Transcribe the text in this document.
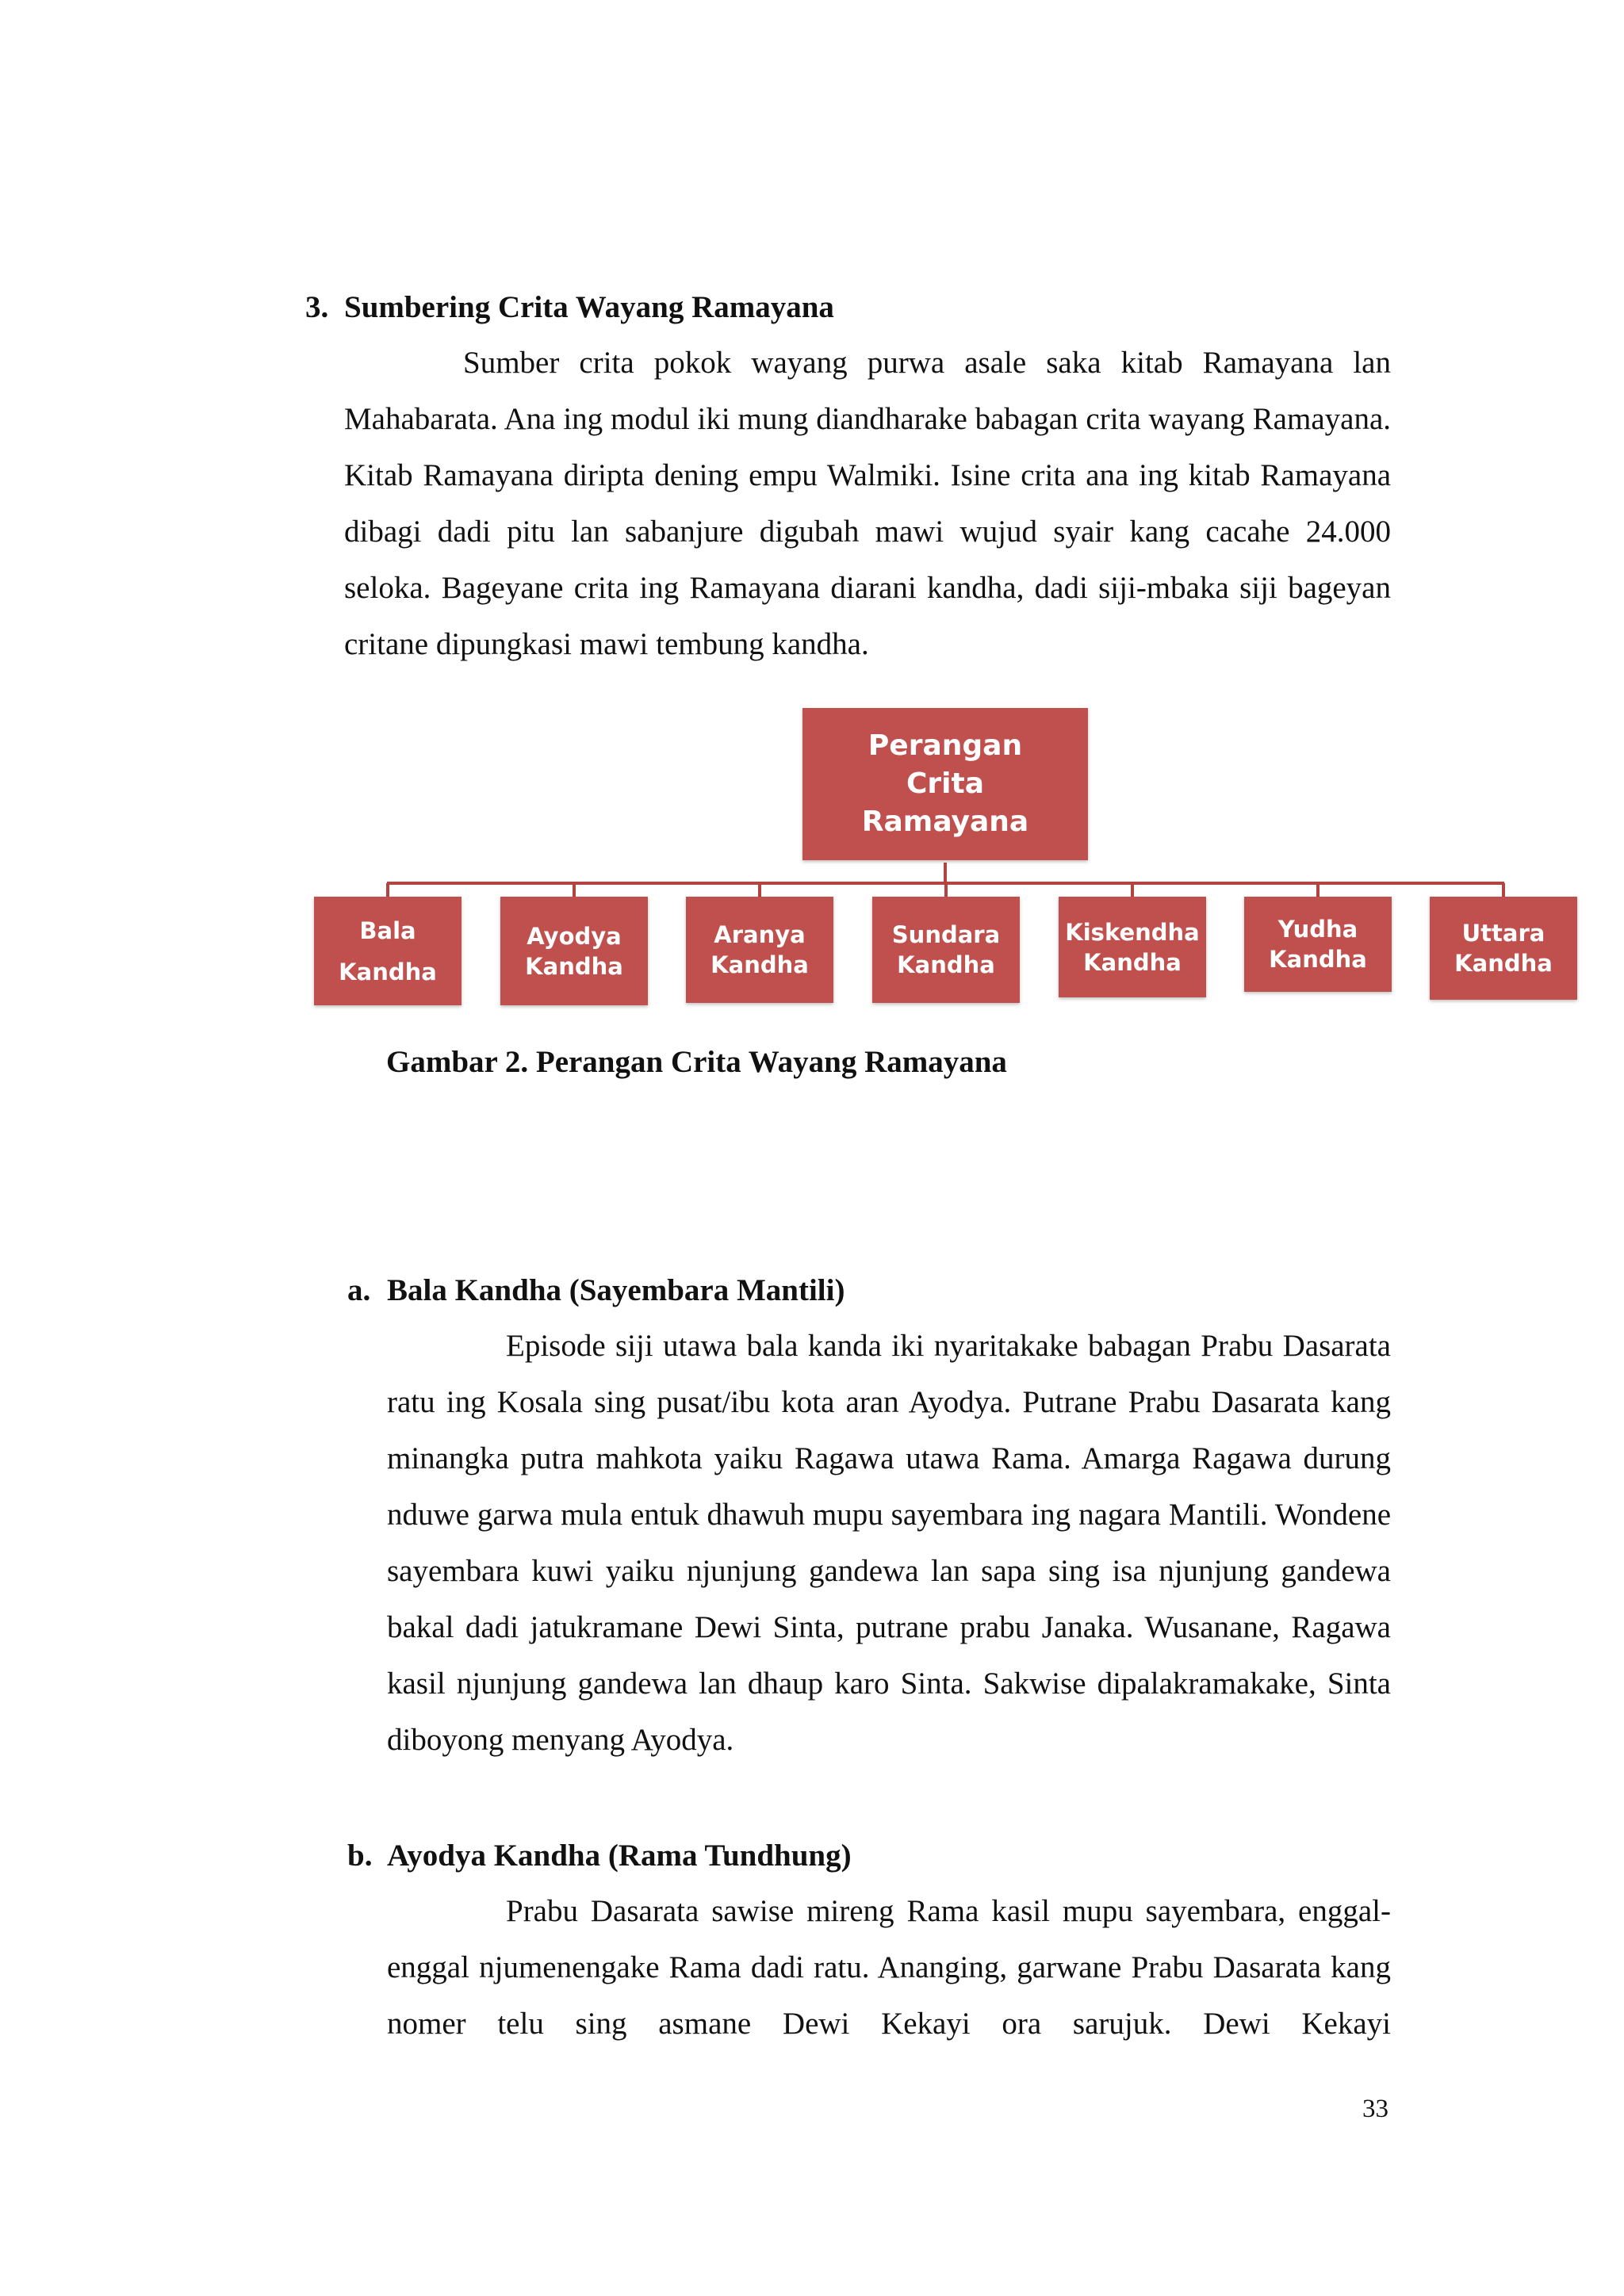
3. Sumbering Crita Wayang Ramayana

Sumber crita pokok wayang purwa asale saka kitab Ramayana lan Mahabarata. Ana ing modul iki mung diandharake babagan crita wayang Ramayana. Kitab Ramayana diripta dening empu Walmiki. Isine crita ana ing kitab Ramayana dibagi dadi pitu lan sabanjure digubah mawi wujud syair kang cacahe 24.000 seloka. Bageyane crita ing Ramayana diarani kandha, dadi siji-mbaka siji bageyan critane dipungkasi mawi tembung kandha.

Perangan Crita Ramayana
Bala Kandha
Ayodya Kandha
Aranya Kandha
Sundara Kandha
Kiskendha Kandha
Yudha Kandha
Uttara Kandha
Gambar 2. Perangan Crita Wayang Ramayana
a. Bala Kandha (Sayembara Mantili)

Episode siji utawa bala kanda iki nyaritakake babagan Prabu Dasarata ratu ing Kosala sing pusat/ibu kota aran Ayodya. Putrane Prabu Dasarata kang minangka putra mahkota yaiku Ragawa utawa Rama. Amarga Ragawa durung nduwe garwa mula entuk dhawuh mupu sayembara ing nagara Mantili. Wondene sayembara kuwi yaiku njunjung gandewa lan sapa sing isa njunjung gandewa bakal dadi jatukramane Dewi Sinta, putrane prabu Janaka. Wusanane, Ragawa kasil njunjung gandewa lan dhaup karo Sinta. Sakwise dipalakramakake, Sinta diboyong menyang Ayodya.

b. Ayodya Kandha (Rama Tundhung)

Prabu Dasarata sawise mireng Rama kasil mupu sayembara, enggal-enggal njumenengake Rama dadi ratu. Ananging, garwane Prabu Dasarata kang nomer telu sing asmane Dewi Kekayi ora sarujuk. Dewi Kekayi

33
